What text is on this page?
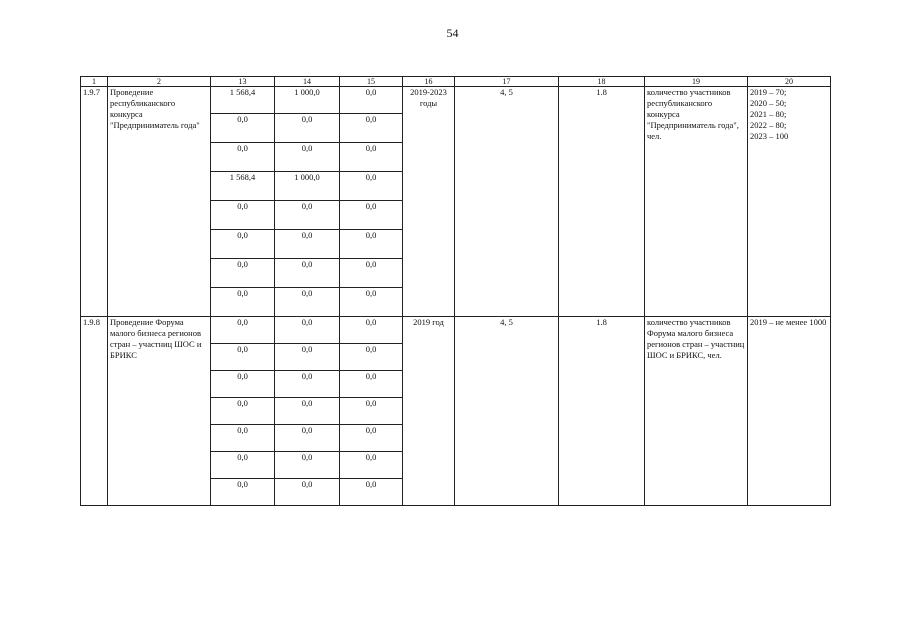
54
1	2	13	14	15	16	17	18	19	20
1.9.7	Проведение республиканского конкурса "Предприниматель года"	1 568,4	1 000,0	0,0	2019-2023 годы	4, 5	1.8	количество участников республиканского конкурса "Предприниматель года", чел.	2019 – 70;
2020 – 50;
2021 – 80;
2022 – 80;
2023 – 100

		0,0	0,0	0,0					
		0,0	0,0	0,0					
		1 568,4	1 000,0	0,0					
		0,0	0,0	0,0					
		0,0	0,0	0,0					
		0,0	0,0	0,0					
		0,0	0,0	0,0					
1.9.8	Проведение Форума малого бизнеса регионов стран – участниц ШОС и БРИКС	0,0	0,0	0,0	2019 год	4, 5	1.8	количество участников Форума малого бизнеса регионов стран – участниц ШОС и БРИКС, чел.	2019 – не менее 1000

		0,0	0,0	0,0					
		0,0	0,0	0,0					
		0,0	0,0	0,0					
		0,0	0,0	0,0					
		0,0	0,0	0,0					
		0,0	0,0	0,0					
